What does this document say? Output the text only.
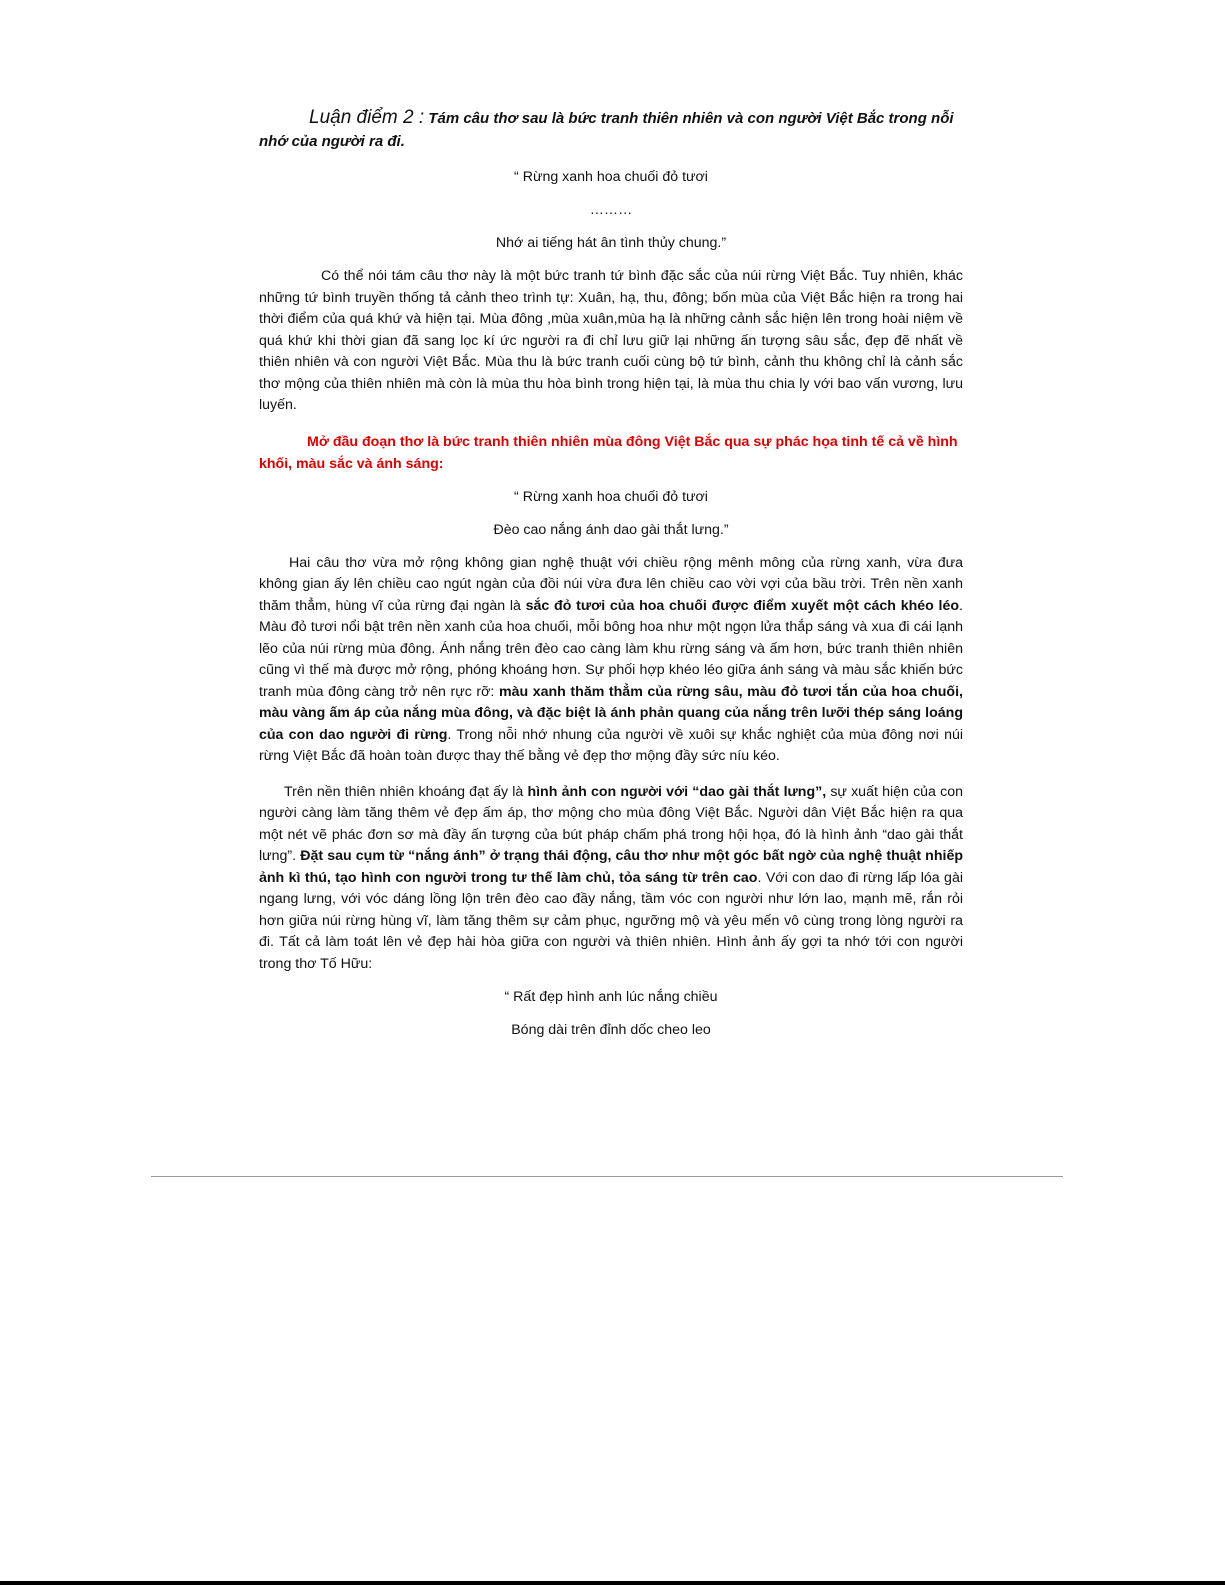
Luận điểm 2 : Tám câu thơ sau là bức tranh thiên nhiên và con người Việt Bắc trong nỗi nhớ của người ra đi.

“ Rừng xanh hoa chuối đỏ tươi

………

Nhớ ai tiếng hát ân tình thủy chung.”

Có thể nói tám câu thơ này là một bức tranh tứ bình đặc sắc của núi rừng Việt Bắc. Tuy nhiên, khác những tứ bình truyền thống tả cảnh theo trình tự: Xuân, hạ, thu, đông; bốn mùa của Việt Bắc hiện ra trong hai thời điểm của quá khứ và hiện tại. Mùa đông ,mùa xuân,mùa hạ là những cảnh sắc hiện lên trong hoài niệm về quá khứ khi thời gian đã sang lọc kí ức người ra đi chỉ lưu giữ lại những ấn tượng sâu sắc, đẹp đẽ nhất về thiên nhiên và con người Việt Bắc. Mùa thu là bức tranh cuối cùng bộ tứ bình, cảnh thu không chỉ là cảnh sắc thơ mộng của thiên nhiên mà còn là mùa thu hòa bình trong hiện tại, là mùa thu chia ly với bao vấn vương, lưu luyến.

Mở đầu đoạn thơ là bức tranh thiên nhiên mùa đông Việt Bắc qua sự phác họa tinh tế cả về hình khối, màu sắc và ánh sáng:

“ Rừng xanh hoa chuối đỏ tươi

Đèo cao nắng ánh dao gài thắt lưng.”

Hai câu thơ vừa mở rộng không gian nghệ thuật với chiều rộng mênh mông của rừng xanh, vừa đưa không gian ấy lên chiều cao ngút ngàn của đồi núi vừa đưa lên chiều cao vời vợi của bầu trời. Trên nền xanh thăm thẳm, hùng vĩ của rừng đại ngàn là sắc đỏ tươi của hoa chuối được điểm xuyết một cách khéo léo. Màu đỏ tươi nổi bật trên nền xanh của hoa chuối, mỗi bông hoa như một ngọn lửa thắp sáng và xua đi cái lạnh lẽo của núi rừng mùa đông. Ánh nắng trên đèo cao càng làm khu rừng sáng và ấm hơn, bức tranh thiên nhiên cũng vì thế mà được mở rộng, phóng khoáng hơn. Sự phối hợp khéo léo giữa ánh sáng và màu sắc khiến bức tranh mùa đông càng trở nên rực rỡ: màu xanh thăm thẳm của rừng sâu, màu đỏ tươi tắn của hoa chuối, màu vàng ấm áp của nắng mùa đông, và đặc biệt là ánh phản quang của nắng trên lưỡi thép sáng loáng của con dao người đi rừng. Trong nỗi nhớ nhung của người về xuôi sự khắc nghiệt của mùa đông nơi núi rừng Việt Bắc đã hoàn toàn được thay thế bằng vẻ đẹp thơ mộng đầy sức níu kéo.

Trên nền thiên nhiên khoáng đạt ấy là hình ảnh con người với “dao gài thắt lưng”, sự xuất hiện của con người càng làm tăng thêm vẻ đẹp ấm áp, thơ mộng cho mùa đông Việt Bắc. Người dân Việt Bắc hiện ra qua một nét vẽ phác đơn sơ mà đầy ấn tượng của bút pháp chấm phá trong hội họa, đó là hình ảnh “dao gài thắt lưng”. Đặt sau cụm từ “nắng ánh” ở trạng thái động, câu thơ như một góc bất ngờ của nghệ thuật nhiếp ảnh kì thú, tạo hình con người trong tư thế làm chủ, tỏa sáng từ trên cao. Với con dao đi rừng lấp lóa gài ngang lưng, với vóc dáng lồng lộn trên đèo cao đầy nắng, tầm vóc con người như lớn lao, mạnh mẽ, rắn rỏi hơn giữa núi rừng hùng vĩ, làm tăng thêm sự cảm phục, ngưỡng mộ và yêu mến vô cùng trong lòng người ra đi. Tất cả làm toát lên vẻ đẹp hài hòa giữa con người và thiên nhiên. Hình ảnh ấy gợi ta nhớ tới con người trong thơ Tố Hữu:

“ Rất đẹp hình anh lúc nắng chiều

Bóng dài trên đỉnh dốc cheo leo
